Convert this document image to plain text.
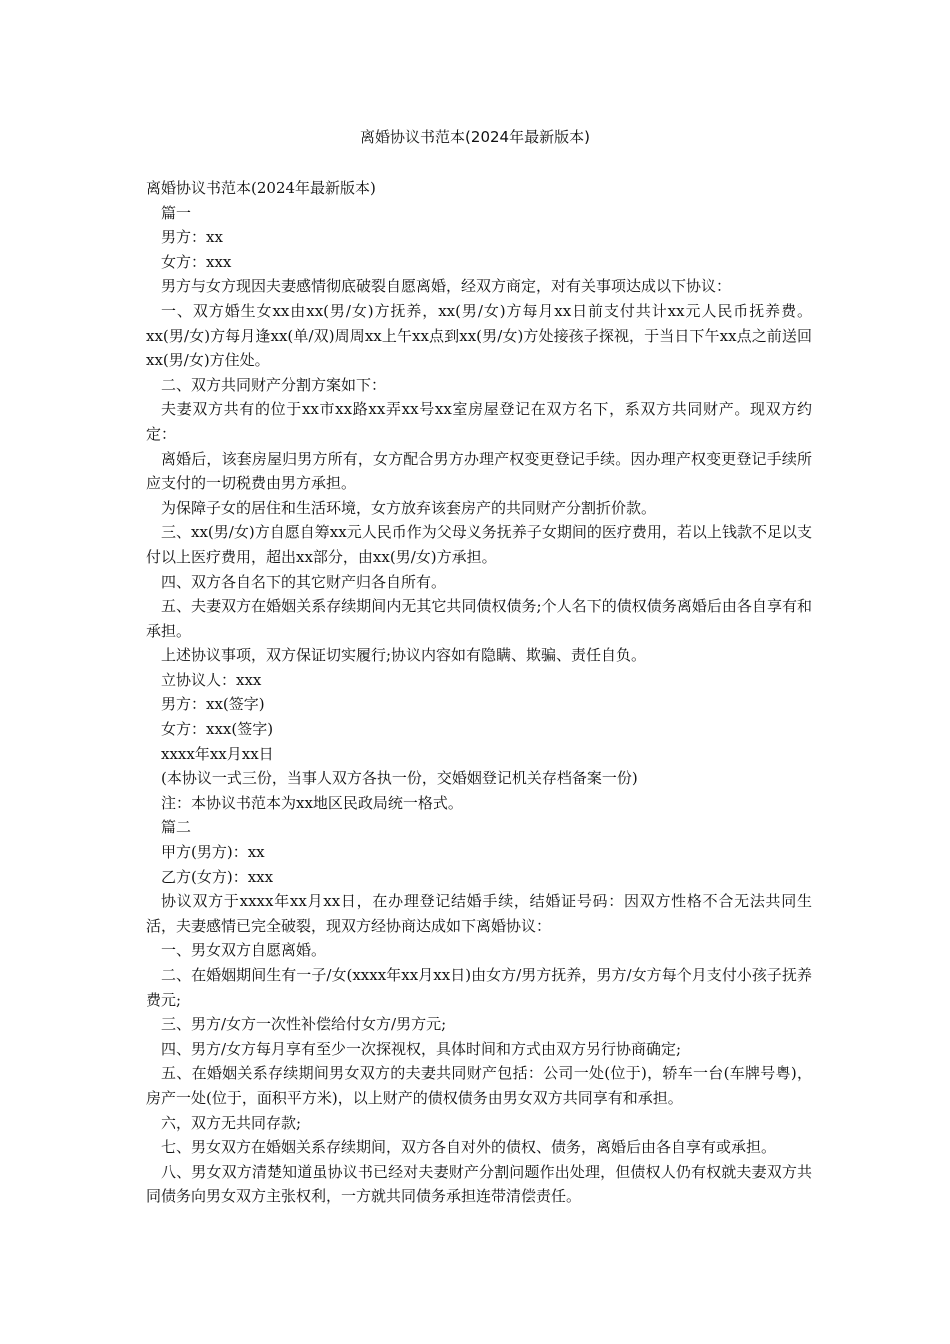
离婚协议书范本(2024年最新版本)

离婚协议书范本(2024年最新版本)

篇一

男方：xx

女方：xxx

男方与女方现因夫妻感情彻底破裂自愿离婚，经双方商定，对有关事项达成以下协议：

一、双方婚生女xx由xx(男/女)方抚养，xx(男/女)方每月xx日前支付共计xx元人民币抚养费。xx(男/女)方每月逢xx(单/双)周周xx上午xx点到xx(男/女)方处接孩子探视，于当日下午xx点之前送回xx(男/女)方住处。

二、双方共同财产分割方案如下：

夫妻双方共有的位于xx市xx路xx弄xx号xx室房屋登记在双方名下，系双方共同财产。现双方约定：

离婚后，该套房屋归男方所有，女方配合男方办理产权变更登记手续。因办理产权变更登记手续所应支付的一切税费由男方承担。

为保障子女的居住和生活环境，女方放弃该套房产的共同财产分割折价款。

三、xx(男/女)方自愿自筹xx元人民币作为父母义务抚养子女期间的医疗费用，若以上钱款不足以支付以上医疗费用，超出xx部分，由xx(男/女)方承担。

四、双方各自名下的其它财产归各自所有。

五、夫妻双方在婚姻关系存续期间内无其它共同债权债务;个人名下的债权债务离婚后由各自享有和承担。

上述协议事项，双方保证切实履行;协议内容如有隐瞒、欺骗、责任自负。

立协议人：xxx

男方：xx(签字)

女方：xxx(签字)

xxxx年xx月xx日

(本协议一式三份，当事人双方各执一份，交婚姻登记机关存档备案一份)

注：本协议书范本为xx地区民政局统一格式。

篇二

甲方(男方)：xx

乙方(女方)：xxx

协议双方于xxxx年xx月xx日，在办理登记结婚手续，结婚证号码：因双方性格不合无法共同生活，夫妻感情已完全破裂，现双方经协商达成如下离婚协议：

一、男女双方自愿离婚。

二、在婚姻期间生有一子/女(xxxx年xx月xx日)由女方/男方抚养，男方/女方每个月支付小孩子抚养费元;

三、男方/女方一次性补偿给付女方/男方元;

四、男方/女方每月享有至少一次探视权，具体时间和方式由双方另行协商确定;

五、在婚姻关系存续期间男女双方的夫妻共同财产包括：公司一处(位于)，轿车一台(车牌号粤)，房产一处(位于，面积平方米)，以上财产的债权债务由男女双方共同享有和承担。

六，双方无共同存款;

七、男女双方在婚姻关系存续期间，双方各自对外的债权、债务，离婚后由各自享有或承担。

八、男女双方清楚知道虽协议书已经对夫妻财产分割问题作出处理，但债权人仍有权就夫妻双方共同债务向男女双方主张权利，一方就共同债务承担连带清偿责任。
